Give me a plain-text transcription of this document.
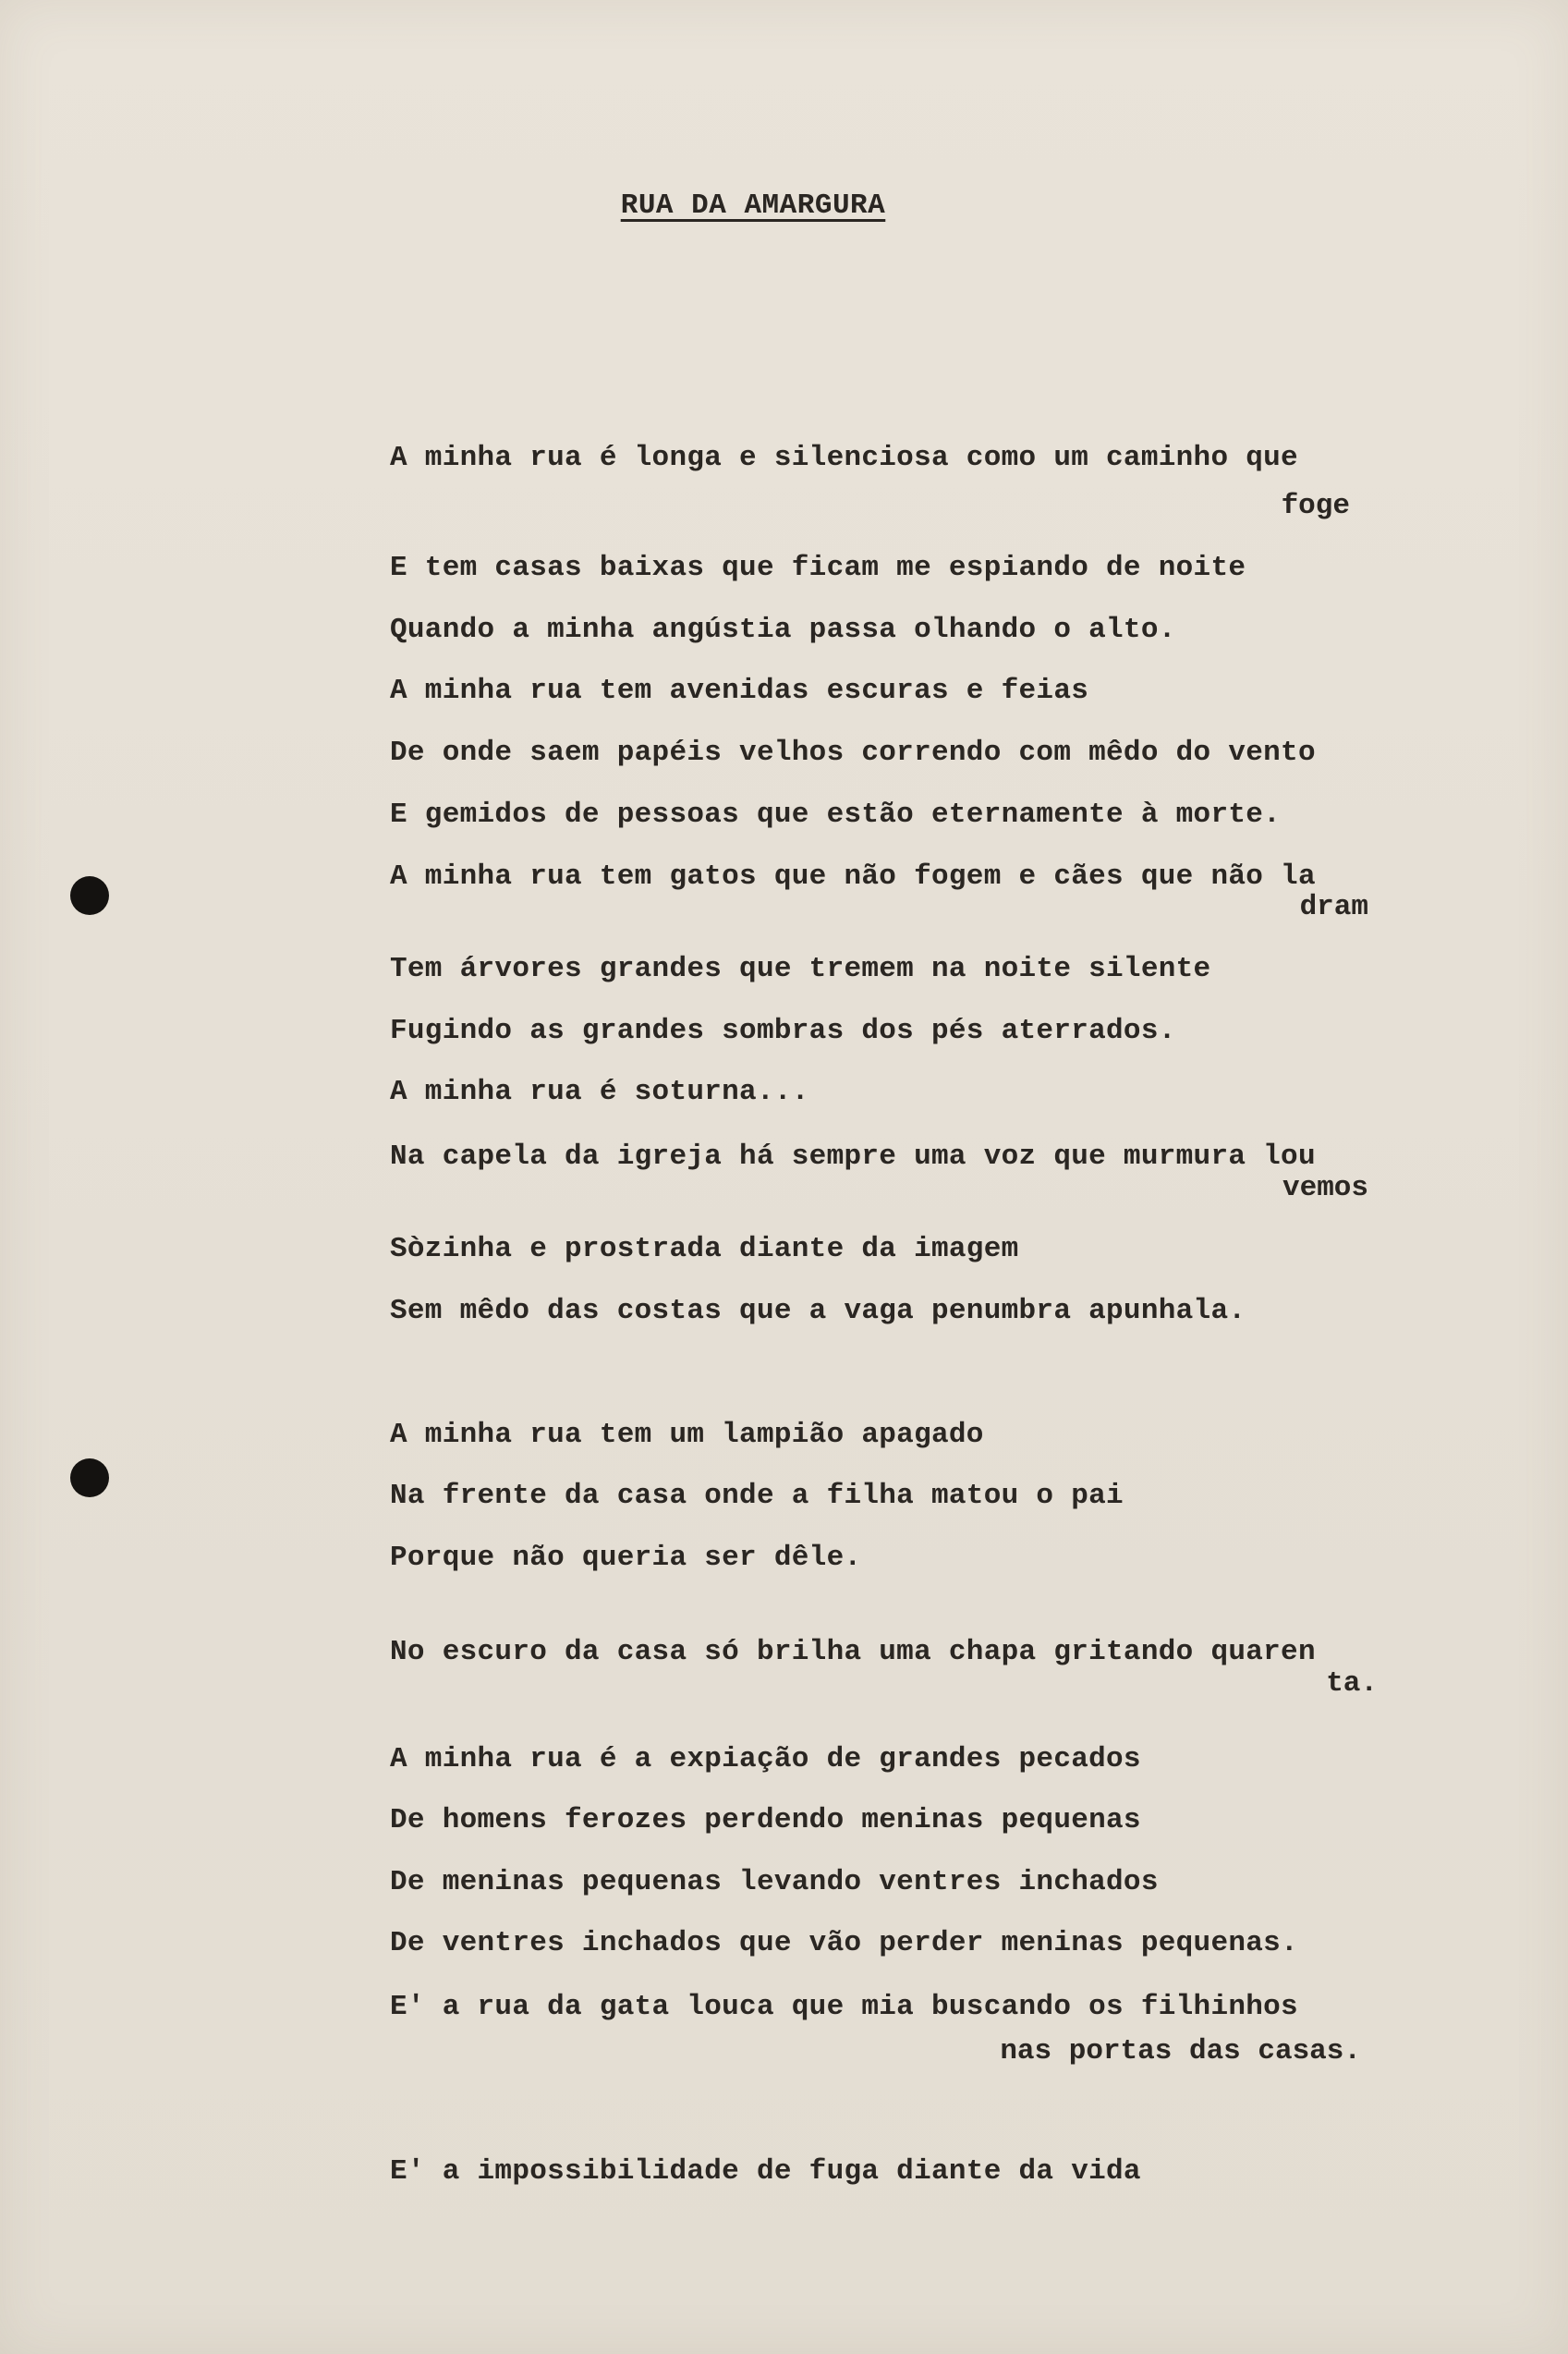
RUA DA AMARGURA
A minha rua é longa e silenciosa como um caminho que
foge
E tem casas baixas que ficam me espiando de noite
Quando a minha angústia passa olhando o alto.
A minha rua tem avenidas escuras e feias
De onde saem papéis velhos correndo com mêdo do vento
E gemidos de pessoas que estão eternamente à morte.
A minha rua tem gatos que não fogem e cães que não la
dram
Tem árvores grandes que tremem na noite silente
Fugindo as grandes sombras dos pés aterrados.
A minha rua é soturna...
Na capela da igreja há sempre uma voz que murmura lou
vemos
Sòzinha e prostrada diante da imagem
Sem mêdo das costas que a vaga penumbra apunhala.
A minha rua tem um lampião apagado
Na frente da casa onde a filha matou o pai
Porque não queria ser dêle.
No escuro da casa só brilha uma chapa gritando quaren
ta.
A minha rua é a expiação de grandes pecados
De homens ferozes perdendo meninas pequenas
De meninas pequenas levando ventres inchados
De ventres inchados que vão perder meninas pequenas.
E' a rua da gata louca que mia buscando os filhinhos
nas portas das casas.
E' a impossibilidade de fuga diante da vida
